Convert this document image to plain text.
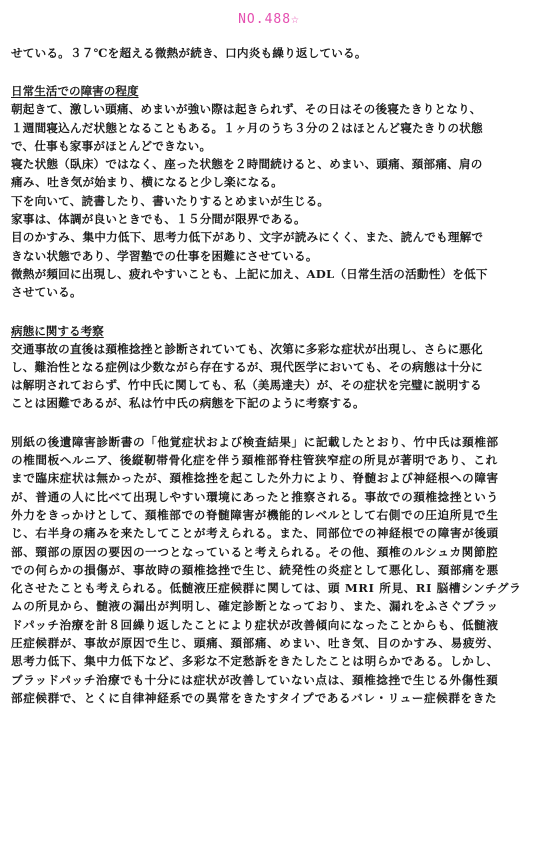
NO.488☆
せている。３７℃を超える微熱が続き、口内炎も繰り返している。
日常生活での障害の程度
朝起きて、激しい頭痛、めまいが強い際は起きられず、その日はその後寝たきりとなり、
１週間寝込んだ状態となることもある。１ヶ月のうち３分の２はほとんど寝たきりの状態
で、仕事も家事がほとんどできない。
寝た状態（臥床）ではなく、座った状態を２時間続けると、めまい、頭痛、頚部痛、肩の
痛み、吐き気が始まり、横になると少し楽になる。
下を向いて、読書したり、書いたりするとめまいが生じる。
家事は、体調が良いときでも、１５分間が限界である。
目のかすみ、集中力低下、思考力低下があり、文字が読みにくく、また、読んでも理解で
きない状態であり、学習塾での仕事を困難にさせている。
微熱が頻回に出現し、疲れやすいことも、上記に加え、ADL（日常生活の活動性）を低下
させている。
病態に関する考察
交通事故の直後は頚椎捻挫と診断されていても、次第に多彩な症状が出現し、さらに悪化
し、難治性となる症例は少数ながら存在するが、現代医学においても、その病態は十分に
は解明されておらず、竹中氏に関しても、私（美馬達夫）が、その症状を完璧に説明する
ことは困難であるが、私は竹中氏の病態を下記のように考察する。
別紙の後遺障害診断書の「他覚症状および検査結果」に記載したとおり、竹中氏は頚椎部
の椎間板ヘルニア、後縦靭帯骨化症を伴う頚椎部脊柱管狭窄症の所見が著明であり、これ
まで臨床症状は無かったが、頚椎捻挫を起こした外力により、脊髄および神経根への障害
が、普通の人に比べて出現しやすい環境にあったと推察される。事故での頚椎捻挫という
外力をきっかけとして、頚椎部での脊髄障害が機能的レベルとして右側での圧迫所見で生
じ、右半身の痛みを来たしてことが考えられる。また、同部位での神経根での障害が後頭
部、頸部の原因の要因の一つとなっていると考えられる。その他、頚椎のルシュカ関節腔
での何らかの損傷が、事故時の頚椎捻挫で生じ、続発性の炎症として悪化し、頚部痛を悪
化させたことも考えられる。低髄液圧症候群に関しては、頭 MRI 所見、RI 脳槽シンチグラ
ムの所見から、髄液の漏出が判明し、確定診断となっており、また、漏れをふさぐブラッ
ドパッチ治療を計８回繰り返したことにより症状が改善傾向になったことからも、低髄液
圧症候群が、事故が原因で生じ、頭痛、頚部痛、めまい、吐き気、目のかすみ、易疲労、
思考力低下、集中力低下など、多彩な不定愁訴をきたしたことは明らかである。しかし、
ブラッドパッチ治療でも十分には症状が改善していない点は、頚椎捻挫で生じる外傷性頚
部症候群で、とくに自律神経系での異常をきたすタイプであるバレ・リュー症候群をきた
